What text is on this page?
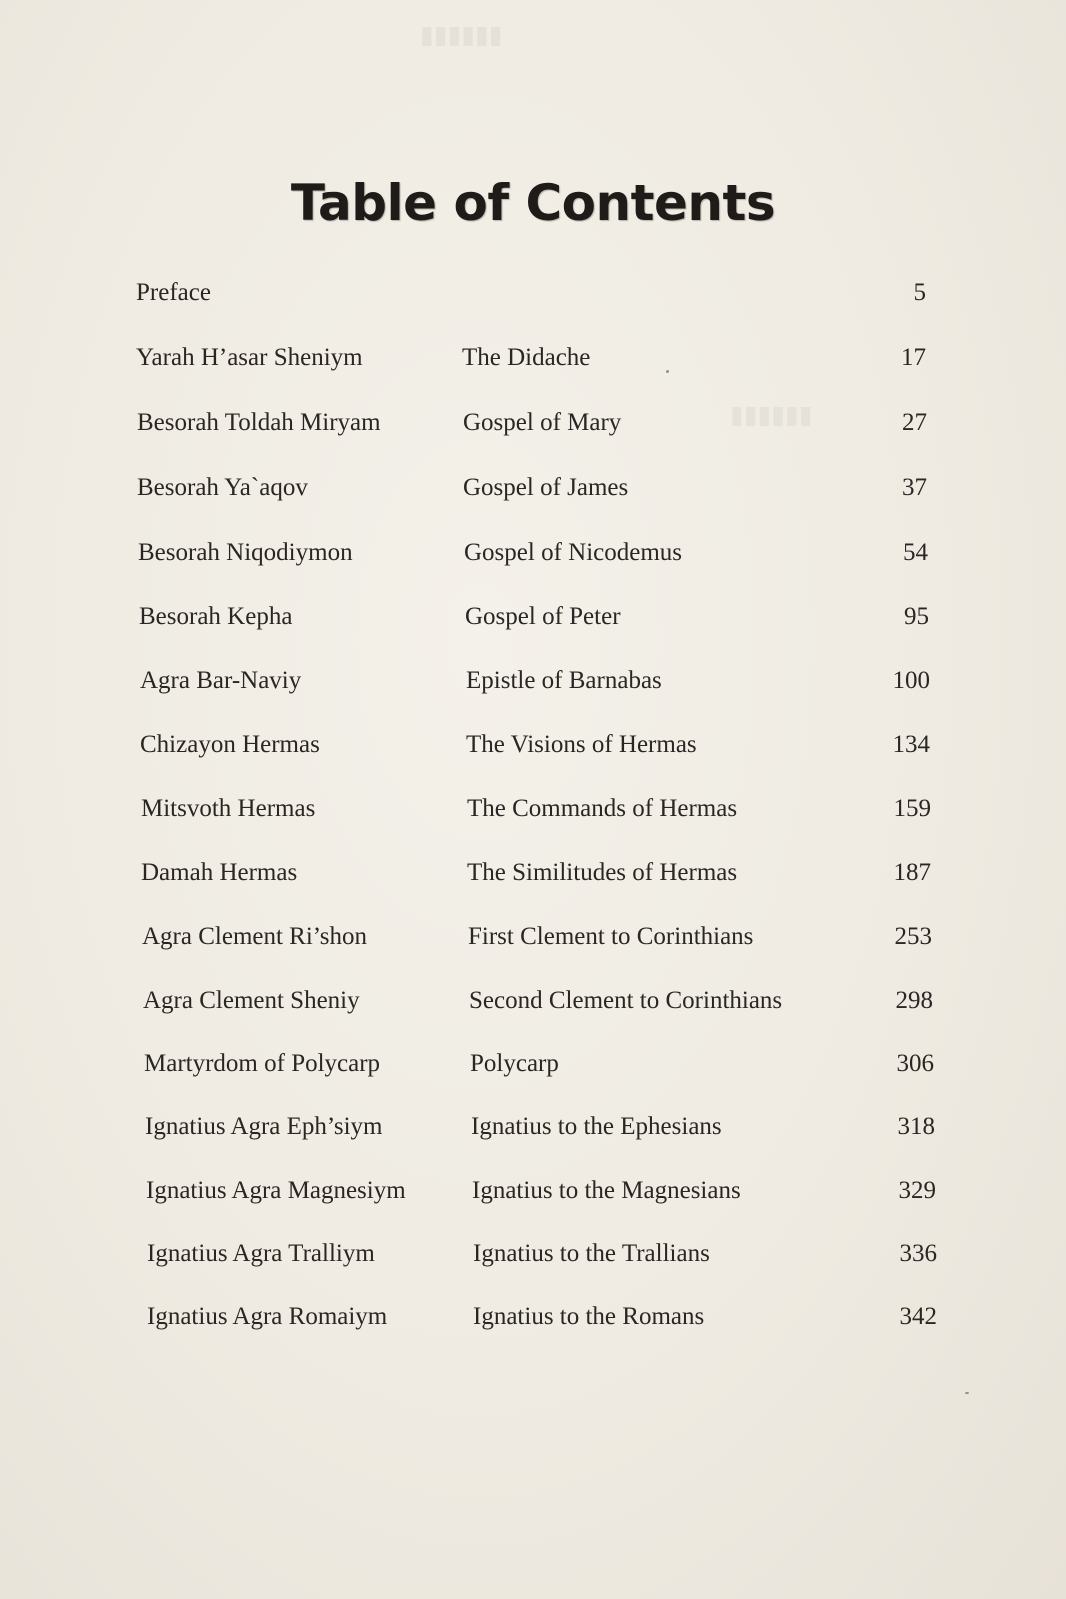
▮▮▮▮▮▮
▮▮▮▮▮▮
Table of Contents
Preface	5
Yarah H’asar Sheniym	The Didache	17
Besorah Toldah Miryam	Gospel of Mary	27
Besorah Ya`aqov	Gospel of James	37
Besorah Niqodiymon	Gospel of Nicodemus	54
Besorah Kepha	Gospel of Peter	95
Agra Bar-Naviy	Epistle of Barnabas	100
Chizayon Hermas	The Visions of Hermas	134
Mitsvoth Hermas	The Commands of Hermas	159
Damah Hermas	The Similitudes of Hermas	187
Agra Clement Ri’shon	First Clement to Corinthians	253
Agra Clement Sheniy	Second Clement to Corinthians	298
Martyrdom of Polycarp	Polycarp	306
Ignatius Agra Eph’siym	Ignatius to the Ephesians	318
Ignatius Agra Magnesiym	Ignatius to the Magnesians	329
Ignatius Agra Tralliym	Ignatius to the Trallians	336
Ignatius Agra Romaiym	Ignatius to the Romans	342
